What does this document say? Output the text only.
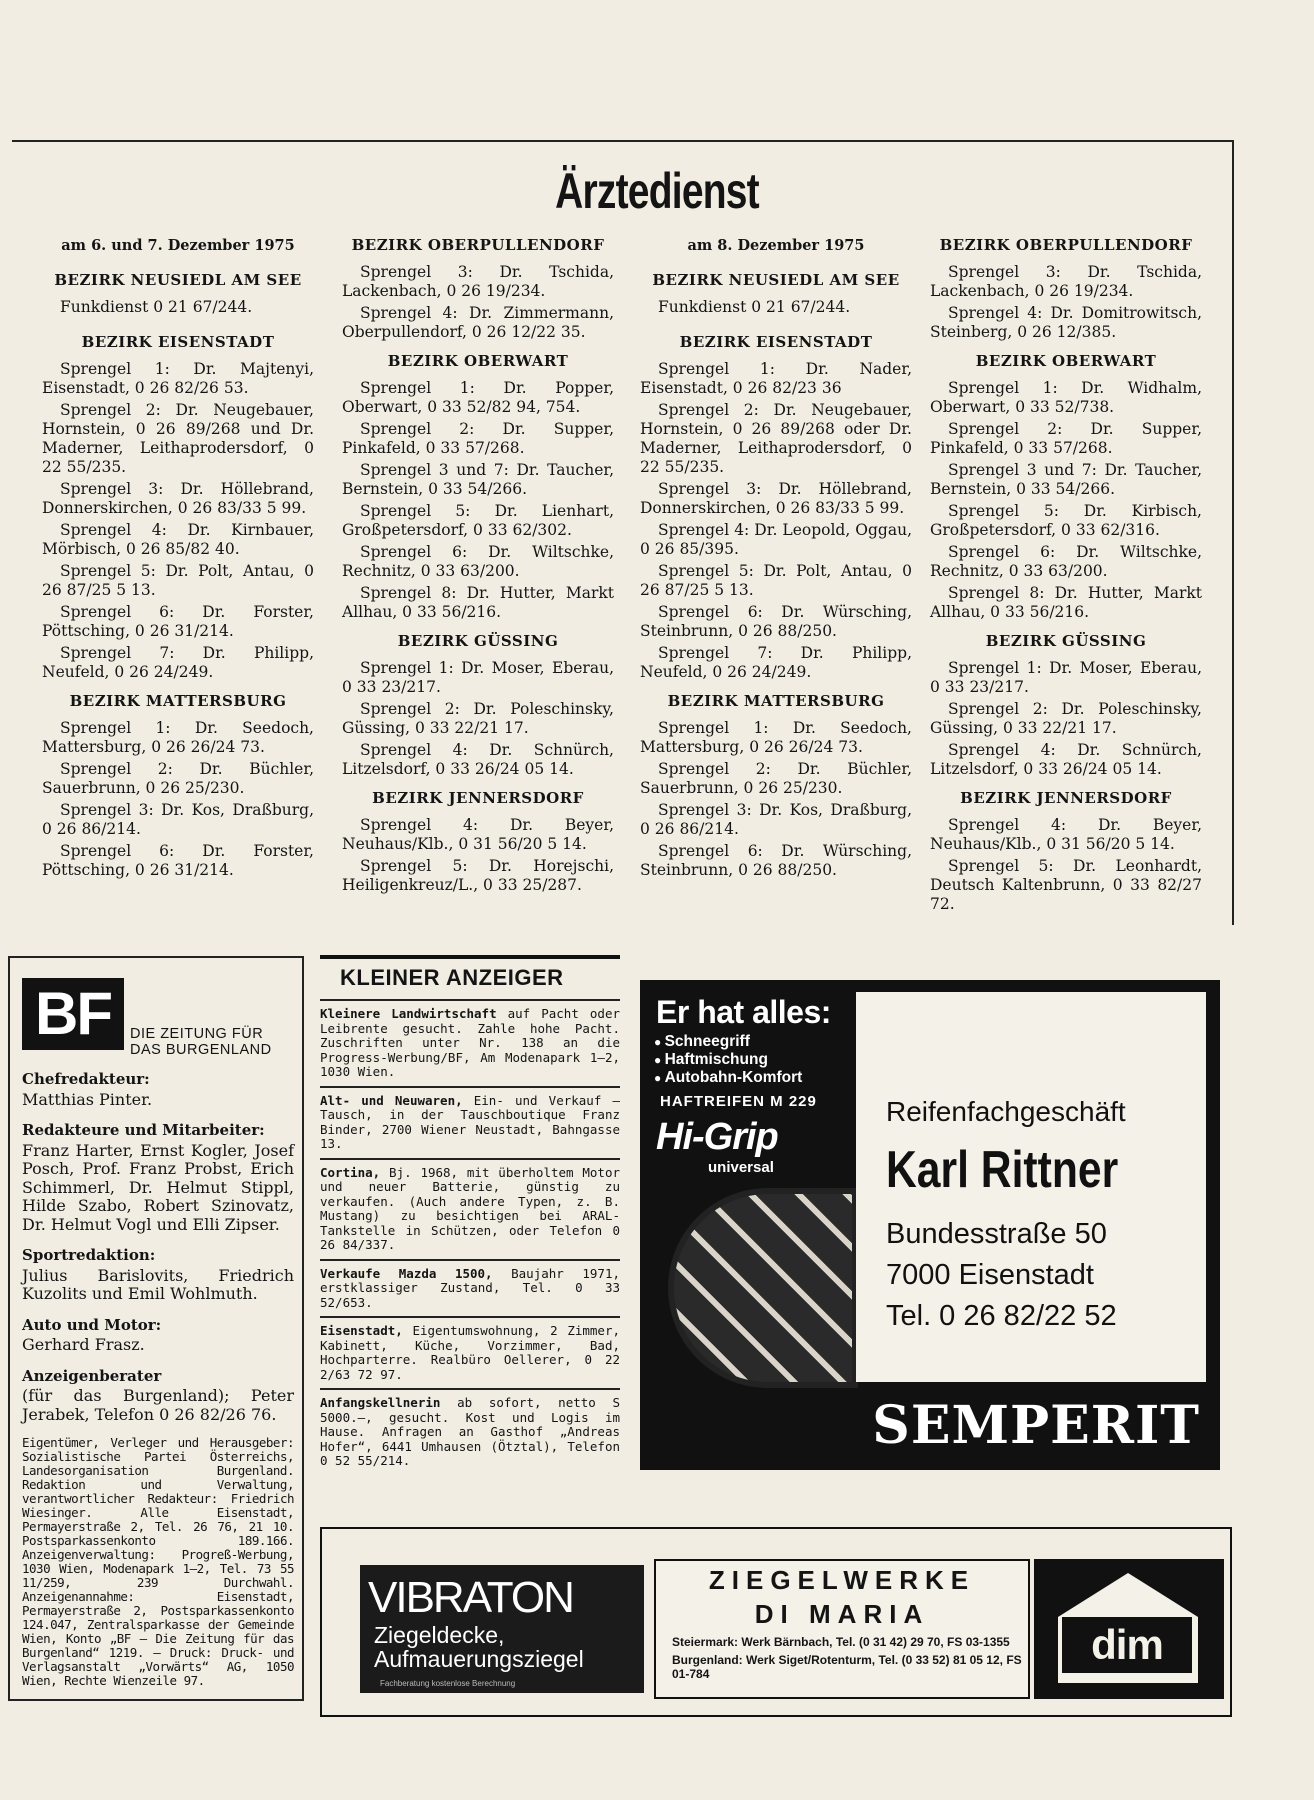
Ärztedienst

am 6. und 7. Dezember 1975

BEZIRK NEUSIEDL AM SEE

Funkdienst 0 21 67/244.

BEZIRK EISENSTADT

Sprengel 1: Dr. Majtenyi, Eisenstadt, 0 26 82/26 53.

Sprengel 2: Dr. Neugebauer, Hornstein, 0 26 89/268 und Dr. Maderner, Leithaprodersdorf, 0 22 55/235.

Sprengel 3: Dr. Höllebrand, Donnerskirchen, 0 26 83/33 5 99.

Sprengel 4: Dr. Kirnbauer, Mörbisch, 0 26 85/82 40.

Sprengel 5: Dr. Polt, Antau, 0 26 87/25 5 13.

Sprengel 6: Dr. Forster, Pöttsching, 0 26 31/214.

Sprengel 7: Dr. Philipp, Neufeld, 0 26 24/249.

BEZIRK MATTERSBURG

Sprengel 1: Dr. Seedoch, Mattersburg, 0 26 26/24 73.

Sprengel 2: Dr. Büchler, Sauerbrunn, 0 26 25/230.

Sprengel 3: Dr. Kos, Draßburg, 0 26 86/214.

Sprengel 6: Dr. Forster, Pöttsching, 0 26 31/214.

BEZIRK OBERPULLENDORF

Sprengel 3: Dr. Tschida, Lackenbach, 0 26 19/234.

Sprengel 4: Dr. Zimmermann, Oberpullendorf, 0 26 12/22 35.

BEZIRK OBERWART

Sprengel 1: Dr. Popper, Oberwart, 0 33 52/82 94, 754.

Sprengel 2: Dr. Supper, Pinkafeld, 0 33 57/268.

Sprengel 3 und 7: Dr. Taucher, Bernstein, 0 33 54/266.

Sprengel 5: Dr. Lienhart, Großpetersdorf, 0 33 62/302.

Sprengel 6: Dr. Wiltschke, Rechnitz, 0 33 63/200.

Sprengel 8: Dr. Hutter, Markt Allhau, 0 33 56/216.

BEZIRK GÜSSING

Sprengel 1: Dr. Moser, Eberau, 0 33 23/217.

Sprengel 2: Dr. Poleschinsky, Güssing, 0 33 22/21 17.

Sprengel 4: Dr. Schnürch, Litzelsdorf, 0 33 26/24 05 14.

BEZIRK JENNERSDORF

Sprengel 4: Dr. Beyer, Neuhaus/Klb., 0 31 56/20 5 14.

Sprengel 5: Dr. Horejschi, Heiligenkreuz/L., 0 33 25/287.

am 8. Dezember 1975

BEZIRK NEUSIEDL AM SEE

Funkdienst 0 21 67/244.

BEZIRK EISENSTADT

Sprengel 1: Dr. Nader, Eisenstadt, 0 26 82/23 36

Sprengel 2: Dr. Neugebauer, Hornstein, 0 26 89/268 oder Dr. Maderner, Leithaprodersdorf, 0 22 55/235.

Sprengel 3: Dr. Höllebrand, Donnerskirchen, 0 26 83/33 5 99.

Sprengel 4: Dr. Leopold, Oggau, 0 26 85/395.

Sprengel 5: Dr. Polt, Antau, 0 26 87/25 5 13.

Sprengel 6: Dr. Würsching, Steinbrunn, 0 26 88/250.

Sprengel 7: Dr. Philipp, Neufeld, 0 26 24/249.

BEZIRK MATTERSBURG

Sprengel 1: Dr. Seedoch, Mattersburg, 0 26 26/24 73.

Sprengel 2: Dr. Büchler, Sauerbrunn, 0 26 25/230.

Sprengel 3: Dr. Kos, Draßburg, 0 26 86/214.

Sprengel 6: Dr. Würsching, Steinbrunn, 0 26 88/250.

BEZIRK OBERPULLENDORF

Sprengel 3: Dr. Tschida, Lackenbach, 0 26 19/234.

Sprengel 4: Dr. Domitrowitsch, Steinberg, 0 26 12/385.

BEZIRK OBERWART

Sprengel 1: Dr. Widhalm, Oberwart, 0 33 52/738.

Sprengel 2: Dr. Supper, Pinkafeld, 0 33 57/268.

Sprengel 3 und 7: Dr. Taucher, Bernstein, 0 33 54/266.

Sprengel 5: Dr. Kirbisch, Großpetersdorf, 0 33 62/316.

Sprengel 6: Dr. Wiltschke, Rechnitz, 0 33 63/200.

Sprengel 8: Dr. Hutter, Markt Allhau, 0 33 56/216.

BEZIRK GÜSSING

Sprengel 1: Dr. Moser, Eberau, 0 33 23/217.

Sprengel 2: Dr. Poleschinsky, Güssing, 0 33 22/21 17.

Sprengel 4: Dr. Schnürch, Litzelsdorf, 0 33 26/24 05 14.

BEZIRK JENNERSDORF

Sprengel 4: Dr. Beyer, Neuhaus/Klb., 0 31 56/20 5 14.

Sprengel 5: Dr. Leonhardt, Deutsch Kaltenbrunn, 0 33 82/27 72.

BF DIE ZEITUNG FÜR
DAS BURGENLAND
Chefredakteur:

Matthias Pinter.

Redakteure und Mitarbeiter:

Franz Harter, Ernst Kogler, Josef Posch, Prof. Franz Probst, Erich Schimmerl, Dr. Helmut Stippl, Hilde Szabo, Robert Szinovatz, Dr. Helmut Vogl und Elli Zipser.

Sportredaktion:

Julius Barislovits, Friedrich Kuzolits und Emil Wohlmuth.

Auto und Motor:

Gerhard Frasz.

Anzeigenberater

(für das Burgenland); Peter Jerabek, Telefon 0 26 82/26 76.

Eigentümer, Verleger und Herausgeber: Sozialistische Partei Österreichs, Landesorganisation Burgenland. Redaktion und Verwaltung, verantwortlicher Redakteur: Friedrich Wiesinger. Alle Eisenstadt, Permayerstraße 2, Tel. 26 76, 21 10. Postsparkassenkonto 189.166. Anzeigenverwaltung: Progreß-Werbung, 1030 Wien, Modenapark 1—2, Tel. 73 55 11/259, 239 Durchwahl. Anzeigenannahme: Eisenstadt, Permayerstraße 2, Postsparkassenkonto 124.047, Zentralsparkasse der Gemeinde Wien, Konto „BF — Die Zeitung für das Burgenland“ 1219. — Druck: Druck- und Verlagsanstalt „Vorwärts“ AG, 1050 Wien, Rechte Wienzeile 97.

KLEINER ANZEIGER
Kleinere Landwirtschaft auf Pacht oder Leibrente gesucht. Zahle hohe Pacht. Zuschriften unter Nr. 138 an die Progress-Werbung/BF, Am Modenapark 1—2, 1030 Wien.
Alt- und Neuwaren, Ein- und Verkauf — Tausch, in der Tauschboutique Franz Binder, 2700 Wiener Neustadt, Bahngasse 13.
Cortina, Bj. 1968, mit überholtem Motor und neuer Batterie, günstig zu verkaufen. (Auch andere Typen, z. B. Mustang) zu besichtigen bei ARAL-Tankstelle in Schützen, oder Telefon 0 26 84/337.
Verkaufe Mazda 1500, Baujahr 1971, erstklassiger Zustand, Tel. 0 33 52/653.
Eisenstadt, Eigentumswohnung, 2 Zimmer, Kabinett, Küche, Vorzimmer, Bad, Hochparterre. Realbüro Oellerer, 0 22 2/63 72 97.
Anfangskellnerin ab sofort, netto S 5000.—, gesucht. Kost und Logis im Hause. Anfragen an Gasthof „Andreas Hofer“, 6441 Umhausen (Ötztal), Telefon 0 52 55/214.
Er hat alles:
● Schneegriff
● Haftmischung
● Autobahn-Komfort
HAFTREIFEN M 229
Hi-Grip
universal
Reifenfachgeschäft
Karl Rittner
Bundesstraße 50
7000 Eisenstadt
Tel. 0 26 82/22 52
SEMPERIT
VIBRATON
Ziegeldecke,
Aufmauerungsziegel
Fachberatung kostenlose Berechnung
ZIEGELWERKE
DI MARIA
Steiermark: Werk Bärnbach, Tel. (0 31 42) 29 70, FS 03-1355
Burgenland: Werk Siget/Rotenturm, Tel. (0 33 52) 81 05 12, FS 01-784
dim
